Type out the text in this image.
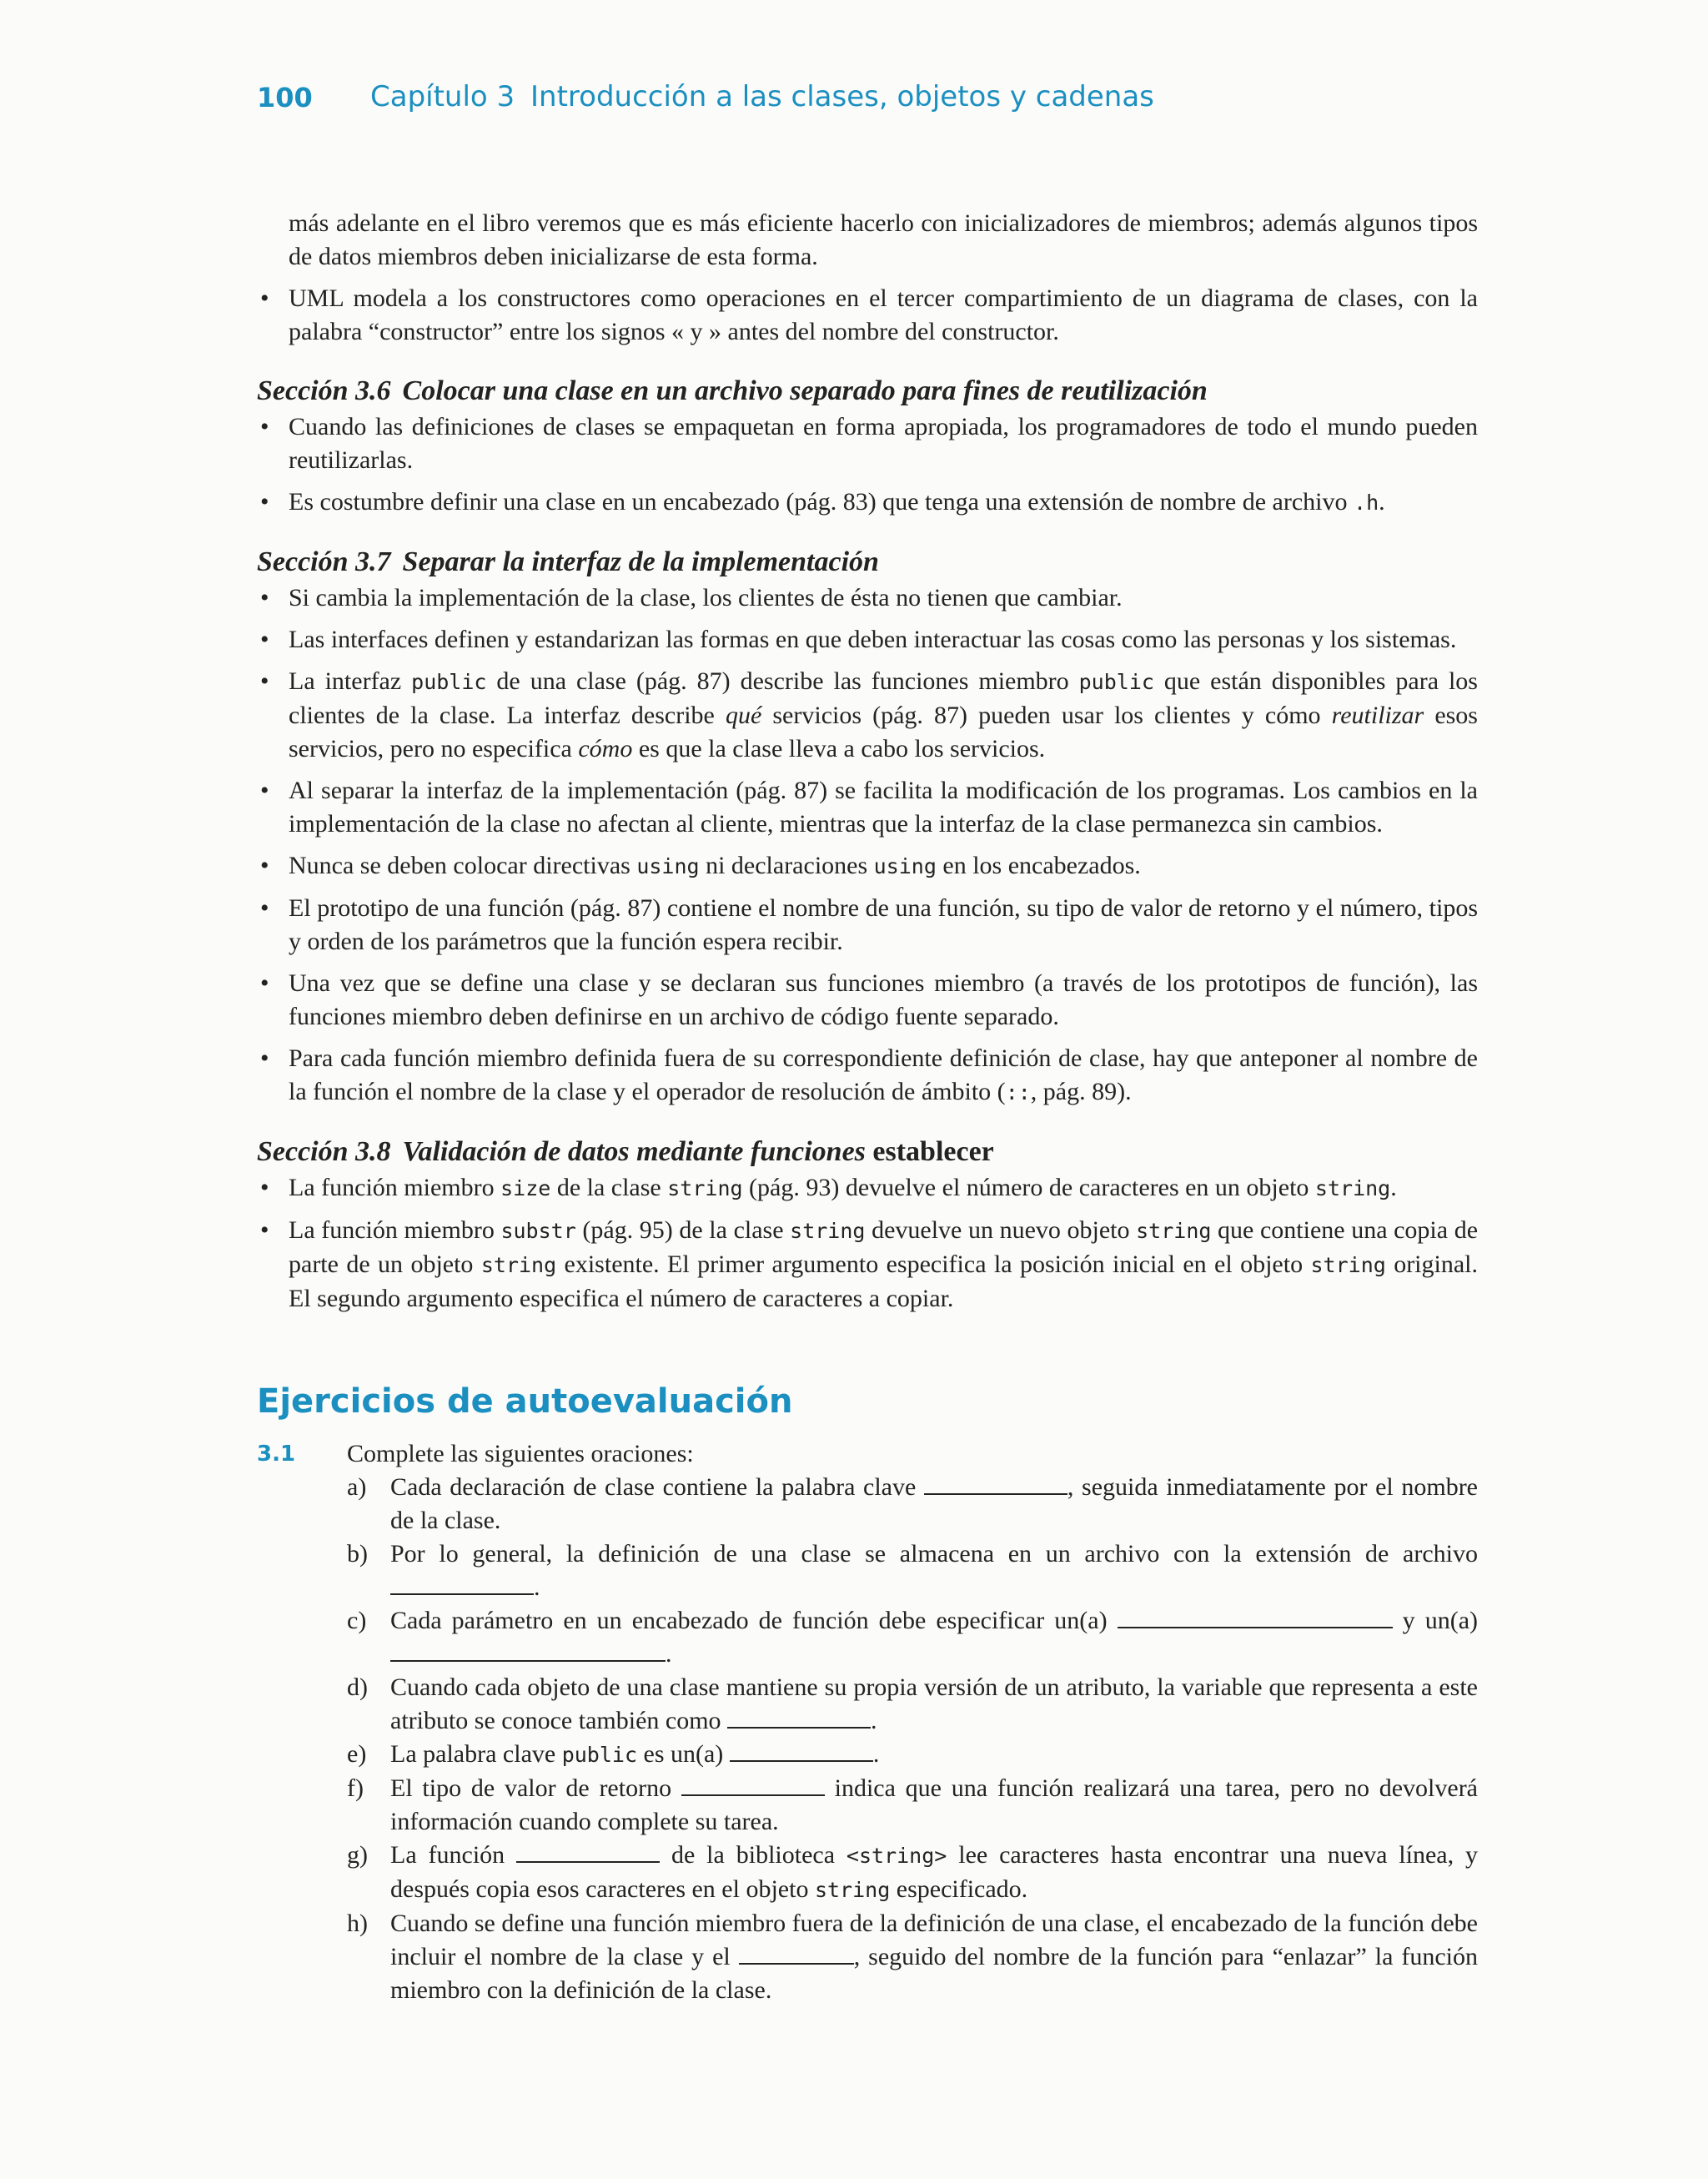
100 Capítulo 3 Introducción a las clases, objetos y cadenas

más adelante en el libro veremos que es más eficiente hacerlo con inicializadores de miembros; además algunos tipos de datos miembros deben inicializarse de esta forma.

• UML modela a los constructores como operaciones en el tercer compartimiento de un diagrama de clases, con la palabra “constructor” entre los signos « y » antes del nombre del constructor.
Sección 3.6 Colocar una clase en un archivo separado para fines de reutilización
• Cuando las definiciones de clases se empaquetan en forma apropiada, los programadores de todo el mundo pueden reutilizarlas.
• Es costumbre definir una clase en un encabezado (pág. 83) que tenga una extensión de nombre de archivo .h.
Sección 3.7 Separar la interfaz de la implementación
• Si cambia la implementación de la clase, los clientes de ésta no tienen que cambiar.
• Las interfaces definen y estandarizan las formas en que deben interactuar las cosas como las personas y los sistemas.
• La interfaz public de una clase (pág. 87) describe las funciones miembro public que están disponibles para los clientes de la clase. La interfaz describe qué servicios (pág. 87) pueden usar los clientes y cómo reutilizar esos servicios, pero no especifica cómo es que la clase lleva a cabo los servicios.
• Al separar la interfaz de la implementación (pág. 87) se facilita la modificación de los programas. Los cambios en la implementación de la clase no afectan al cliente, mientras que la interfaz de la clase permanezca sin cambios.
• Nunca se deben colocar directivas using ni declaraciones using en los encabezados.
• El prototipo de una función (pág. 87) contiene el nombre de una función, su tipo de valor de retorno y el número, tipos y orden de los parámetros que la función espera recibir.
• Una vez que se define una clase y se declaran sus funciones miembro (a través de los prototipos de función), las funciones miembro deben definirse en un archivo de código fuente separado.
• Para cada función miembro definida fuera de su correspondiente definición de clase, hay que anteponer al nombre de la función el nombre de la clase y el operador de resolución de ámbito (::, pág. 89).
Sección 3.8 Validación de datos mediante funciones establecer
• La función miembro size de la clase string (pág. 93) devuelve el número de caracteres en un objeto string.
• La función miembro substr (pág. 95) de la clase string devuelve un nuevo objeto string que contiene una copia de parte de un objeto string existente. El primer argumento especifica la posición inicial en el objeto string original. El segundo argumento especifica el número de caracteres a copiar.
Ejercicios de autoevaluación
3.1 Complete las siguientes oraciones:
a) Cada declaración de clase contiene la palabra clave	, seguida inmediatamente por el nombre de la clase.
b) Por lo general, la definición de una clase se almacena en un archivo con la extensión de archivo .
c) Cada parámetro en un encabezado de función debe especificar un(a)	y un(a) .
d) Cuando cada objeto de una clase mantiene su propia versión de un atributo, la variable que representa a este atributo se conoce también como	.
e) La palabra clave public es un(a)	.
f) El tipo de valor de retorno	indica que una función realizará una tarea, pero no devolverá información cuando complete su tarea.
g) La función	de la biblioteca <string> lee caracteres hasta encontrar una nueva línea, y después copia esos caracteres en el objeto string especificado.
h) Cuando se define una función miembro fuera de la definición de una clase, el encabezado de la función debe incluir el nombre de la clase y el	, seguido del nombre de la función para “enlazar” la función miembro con la definición de la clase.
